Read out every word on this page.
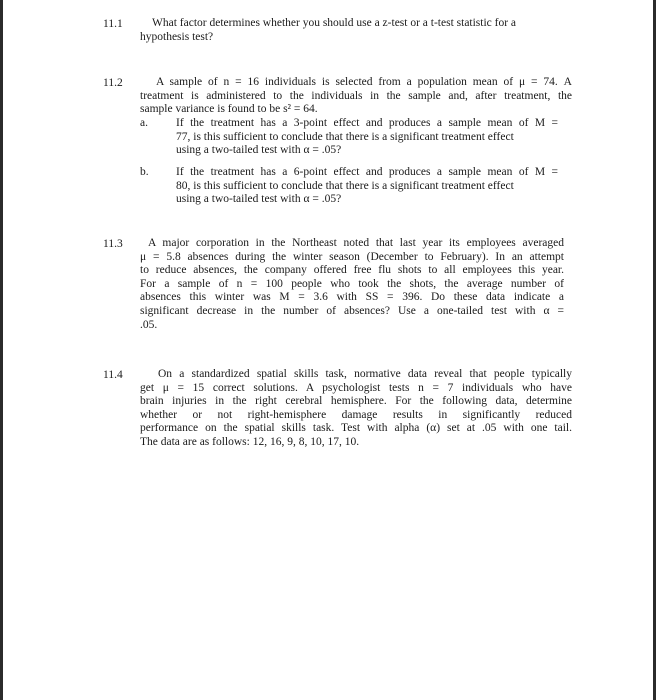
11.1	What factor determines whether you should use a z-test or a t-test statistic for a
hypothesis test?
11.2	A sample of n = 16 individuals is selected from a population mean of μ = 74. A
treatment is administered to the individuals in the sample and, after treatment, the
sample variance is found to be s² = 64.
a. If the treatment has a 3-point effect and produces a sample mean of M =
77, is this sufficient to conclude that there is a significant treatment effect
using a two-tailed test with α = .05?
b. If the treatment has a 6-point effect and produces a sample mean of M =
80, is this sufficient to conclude that there is a significant treatment effect
using a two-tailed test with α = .05?
11.3	A major corporation in the Northeast noted that last year its employees averaged
μ = 5.8 absences during the winter season (December to February). In an attempt
to reduce absences, the company offered free flu shots to all employees this year.
For a sample of n = 100 people who took the shots, the average number of
absences this winter was M = 3.6 with SS = 396. Do these data indicate a
significant decrease in the number of absences? Use a one-tailed test with α =
.05.
11.4	On a standardized spatial skills task, normative data reveal that people typically
get μ = 15 correct solutions. A psychologist tests n = 7 individuals who have
brain injuries in the right cerebral hemisphere. For the following data, determine
whether or not right-hemisphere damage results in significantly reduced
performance on the spatial skills task. Test with alpha (α) set at .05 with one tail.
The data are as follows: 12, 16, 9, 8, 10, 17, 10.
